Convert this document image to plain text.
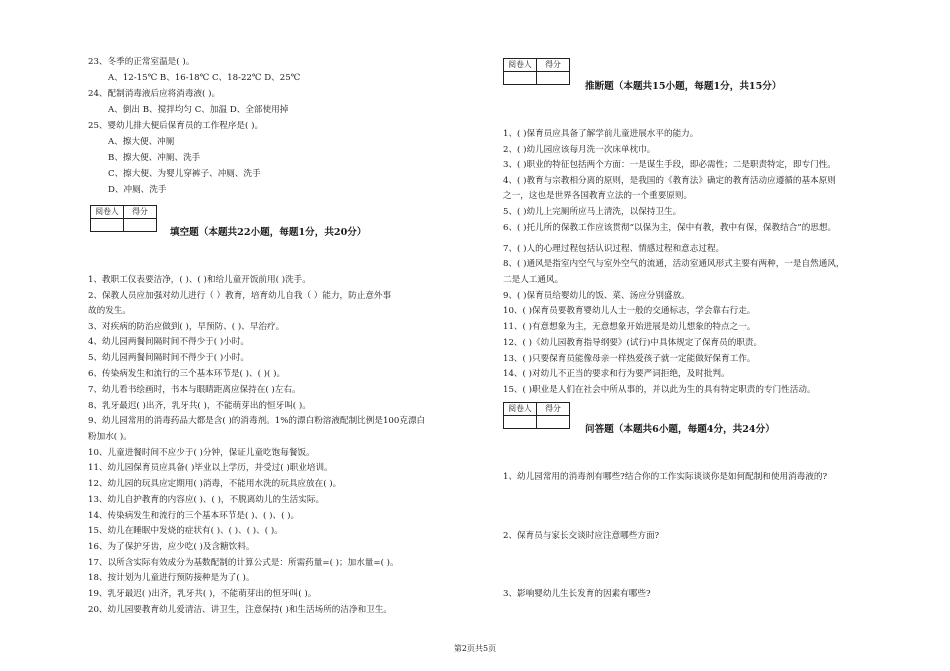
23、冬季的正常室温是( )。
A、12-15℃ B、16-18℃ C、18-22℃ D、25℃
24、配制消毒液后应将消毒液( )。
A、倒出 B、搅拌均匀 C、加温 D、全部使用掉
25、婴幼儿排大便后保育员的工作程序是( )。
A、擦大便、冲厕
B、擦大便、冲厕、洗手
C、擦大便、为婴儿穿裤子、冲厕、洗手
D、冲厕、洗手
阅卷人	得分

填空题（本题共22小题，每题1分，共20分）
1、教职工仪表要洁净，( )、( )和给儿童开饭前用( )洗手。
2、保教人员应加强对幼儿进行（ ）教育，培育幼儿自我（ ）能力，防止意外事
故的发生。
3、对疾病的防治应做到( )，早预防、( )、早治疗。
4、幼儿园两餐间隔时间不得少于( )小时。
5、幼儿园两餐间隔时间不得少于( )小时。
6、传染病发生和流行的三个基本环节是( )、( )( )。
7、幼儿看书绘画时，书本与眼睛距离应保持在( )左右。
8、乳牙最迟( )出齐，乳牙共( )，不能萌芽出的恒牙叫( )。
9、幼儿园常用的消毒药品大都是含( )的消毒剂。1%的漂白粉溶液配制比例是100克漂白
粉加水( )。
10、儿童进餐时间不应少于( )分钟，保证儿童吃饱每餐饭。
11、幼儿园保育员应具备( )毕业以上学历，并受过( )职业培训。
12、幼儿园的玩具应定期用( )消毒，不能用水洗的玩具应放在( )。
13、幼儿自护教育的内容应( )、( )，不脱离幼儿的生活实际。
14、传染病发生和流行的三个基本环节是( )、( )、( )。
15、幼儿在睡眠中发烧的症状有( )、( )、( )、( )。
16、为了保护牙齿，应少吃( )及含糖饮料。
17、以所含实际有效成分为基数配制的计算公式是：所需药量=( )；加水量=( )。
18、按计划为儿童进行预防接种是为了( )。
19、乳牙最迟( )出齐，乳牙共( )，不能萌芽出的恒牙叫( )。
20、幼儿园要教育幼儿爱清洁、讲卫生，注意保持( )和生活场所的洁净和卫生。
阅卷人	得分

推断题（本题共15小题，每题1分，共15分）
1、( )保育员应具备了解学前儿童进展水平的能力。
2、( )幼儿园应该每月洗一次床单枕巾。
3、( )职业的特征包括两个方面：一是谋生手段，即必需性；二是职责特定，即专门性。
4、( )教育与宗教相分离的原则，是我国的《教育法》确定的教育活动应遵循的基本原则
之一，这也是世界各国教育立法的一个重要原则。
5、( )幼儿上完厕所应马上清洗，以保持卫生。
6、( )托儿所的保教工作应该贯彻“以保为主，保中有教，教中有保，保教结合”的思想。
7、( )人的心理过程包括认识过程、情感过程和意志过程。
8、( )通风是指室内空气与室外空气的流通，活动室通风形式主要有两种，一是自然通风，
二是人工通风。
9、( )保育员给婴幼儿的饭、菜、汤应分别盛放。
10、( )保育员要教育婴幼儿人士一般的交通标志，学会靠右行走。
11、( )有意想象为主，无意想象开始进展是幼儿想象的特点之一。
12、( )《幼儿园教育指导纲要》(试行)中具体规定了保育员的职责。
13、( )只要保育员能像母亲一样热爱孩子就一定能做好保育工作。
14、( )对幼儿不正当的要求和行为要严词拒绝，及时批判。
15、( )职业是人们在社会中所从事的，并以此为生的具有特定职责的专门性活动。
阅卷人	得分

问答题（本题共6小题，每题4分，共24分）
1、幼儿园常用的消毒剂有哪些?结合你的工作实际谈谈你是如何配制和使用消毒液的?
2、保育员与家长交谈时应注意哪些方面?
3、影响婴幼儿生长发育的因素有哪些?
第2页共5页
